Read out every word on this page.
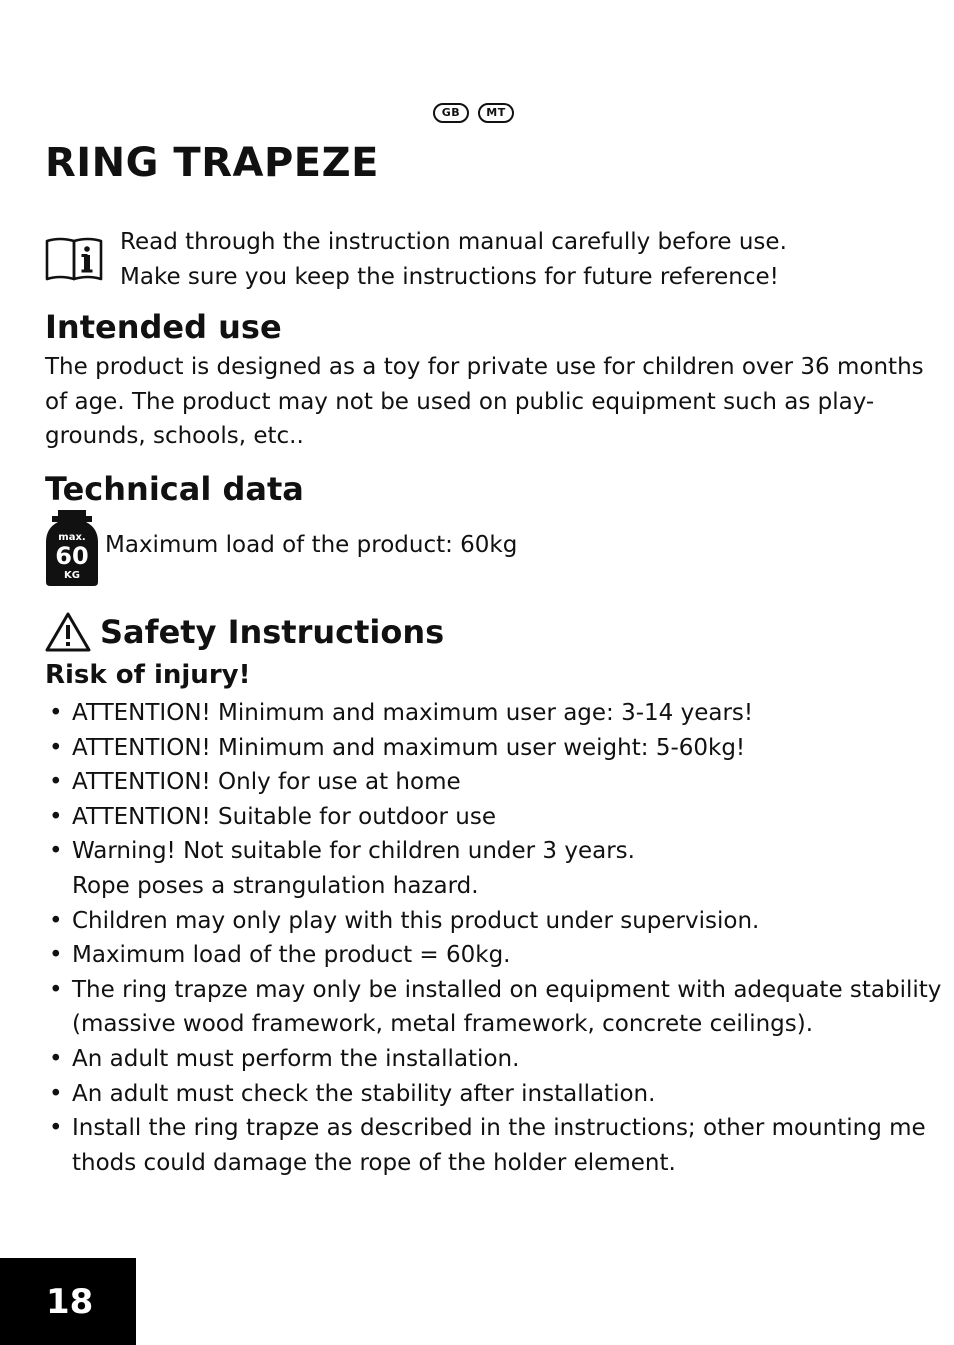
GB	MT
RING TRAPEZE
Read through the instruction manual carefully before use.
Make sure you keep the instructions for future reference!
Intended use
The product is designed as a toy for private use for children over 36 months
of age. The product may not be used on public equipment such as play-
grounds, schools, etc..
Technical data
max.
60
KG
Maximum load of the product: 60kg
Safety Instructions
Risk of injury!
• ATTENTION! Minimum and maximum user age: 3-14 years!
• ATTENTION! Minimum and maximum user weight: 5-60kg!
• ATTENTION! Only for use at home
• ATTENTION! Suitable for outdoor use
• Warning! Not suitable for children under 3 years.
Rope poses a strangulation hazard.
• Children may only play with this product under supervision.
• Maximum load of the product = 60kg.
• The ring trapze may only be installed on equipment with adequate stability
(massive wood framework, metal framework, concrete ceilings).
• An adult must perform the installation.
• An adult must check the stability after installation.
• Install the ring trapze as described in the instructions; other mounting me
thods could damage the rope of the holder element.
18
